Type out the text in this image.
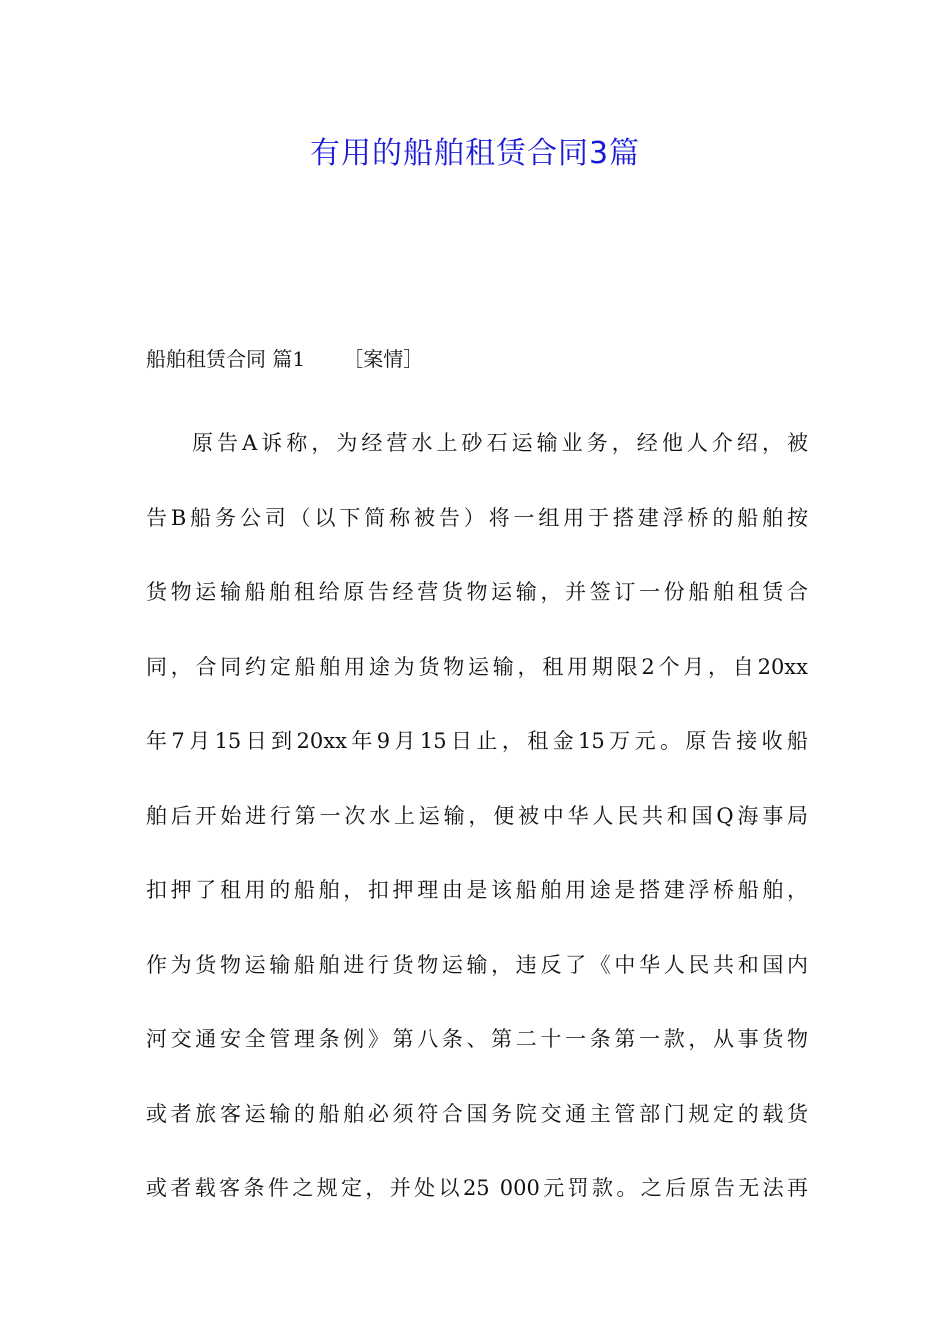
有用的船舶租赁合同3篇
船舶租赁合同 篇1      ［案情］
原告A诉称，为经营水上砂石运输业务，经他人介绍，被
告B船务公司（以下简称被告）将一组用于搭建浮桥的船舶按
货物运输船舶租给原告经营货物运输，并签订一份船舶租赁合
同，合同约定船舶用途为货物运输，租用期限2个月，自20xx
年7月15日到20xx年9月15日止，租金15万元。原告接收船
舶后开始进行第一次水上运输，便被中华人民共和国Q海事局
扣押了租用的船舶，扣押理由是该船舶用途是搭建浮桥船舶，
作为货物运输船舶进行货物运输，违反了《中华人民共和国内
河交通安全管理条例》第八条、第二十一条第一款，从事货物
或者旅客运输的船舶必须符合国务院交通主管部门规定的载货
或者载客条件之规定，并处以25 000元罚款。之后原告无法再
